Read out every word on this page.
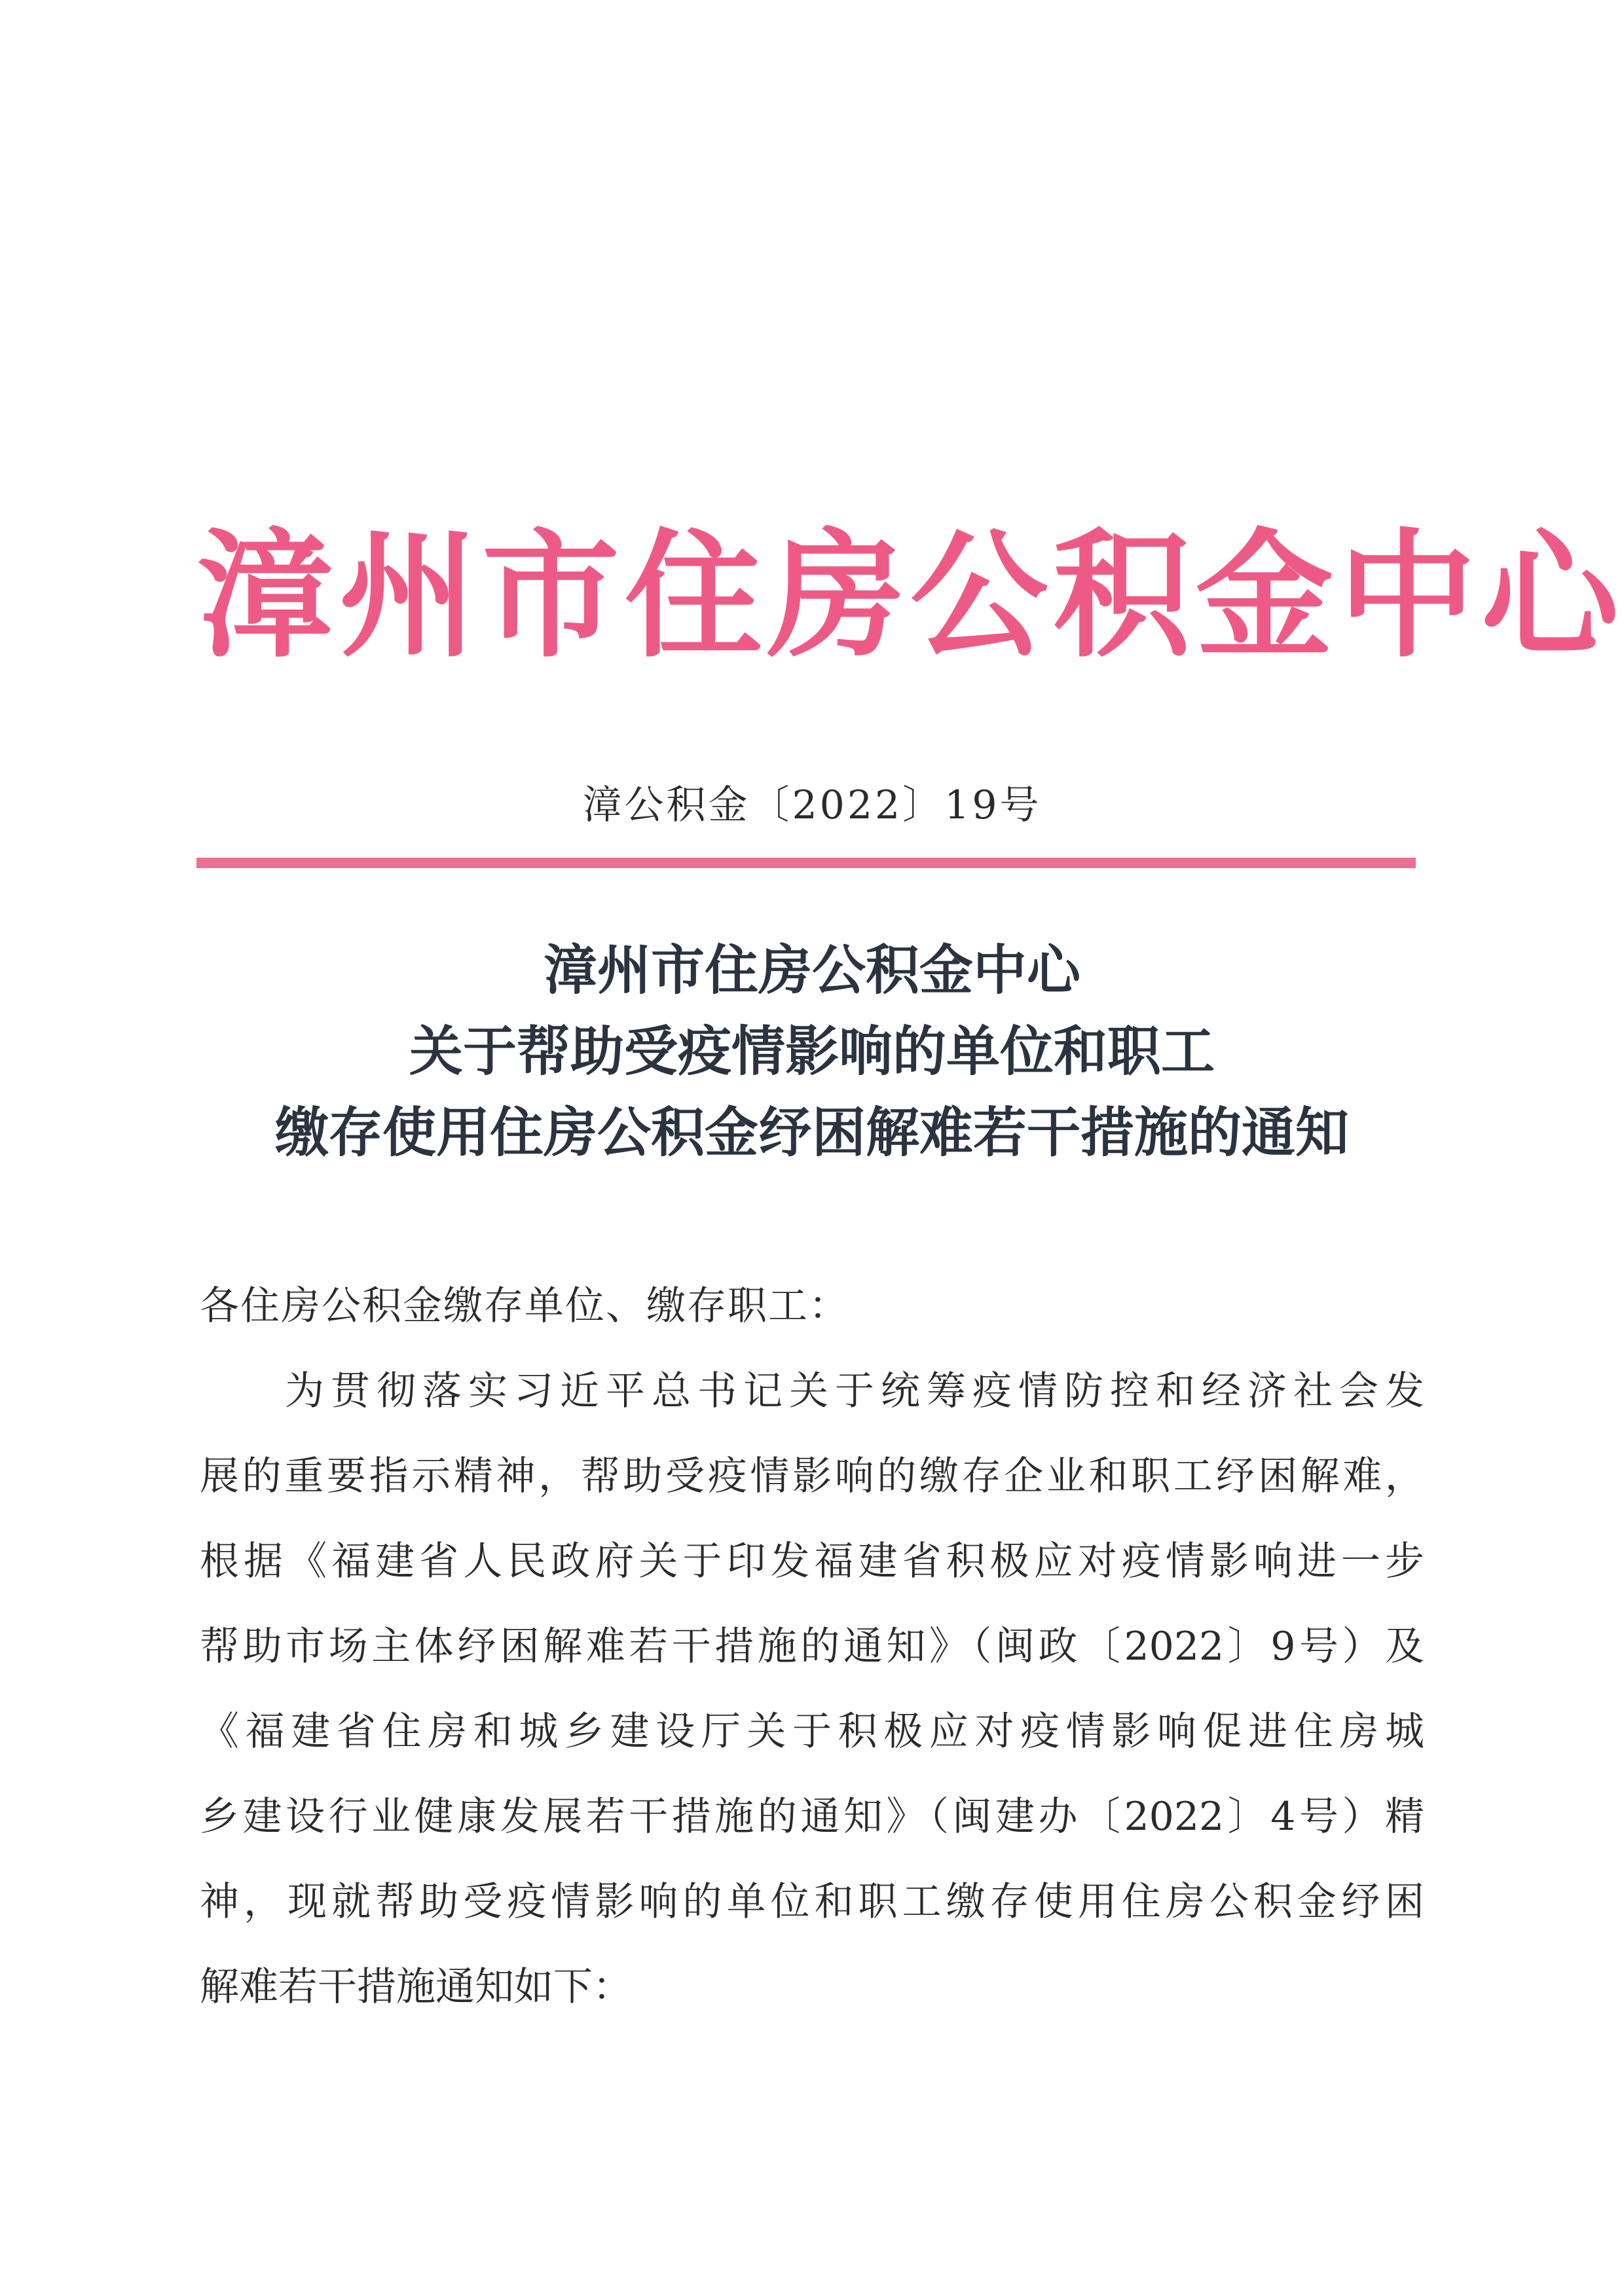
漳州市住房公积金中心
漳公积金〔2022〕19号
漳州市住房公积金中心
关于帮助受疫情影响的单位和职工
缴存使用住房公积金纾困解难若干措施的通知
各住房公积金缴存单位、缴存职工：
为贯彻落实习近平总书记关于统筹疫情防控和经济社会发
展的重要指示精神，帮助受疫情影响的缴存企业和职工纾困解难，
根据《福建省人民政府关于印发福建省积极应对疫情影响进一步
帮助市场主体纾困解难若干措施的通知》（闽政〔2022〕9号）及
《福建省住房和城乡建设厅关于积极应对疫情影响促进住房城
乡建设行业健康发展若干措施的通知》（闽建办〔2022〕4号）精
神，现就帮助受疫情影响的单位和职工缴存使用住房公积金纾困
解难若干措施通知如下：
